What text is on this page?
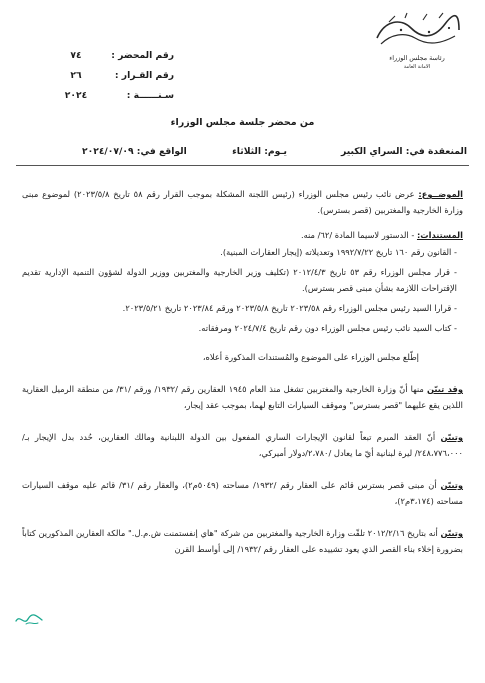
رئاسة مجلس الوزراء
الامانة العامة
رقم المحضر :
٧٤
رقم القـرار :
٢٦
سـنــــــة :
٢٠٢٤
من محضر جلسة مجلس الوزراء
المنعقدة في: السراي الكبير
يـوم: الثلاثاء
الواقع في: ٢٠٢٤/٠٧/٠٩

الموضــوع: عرض نائب رئيس مجلس الوزراء (رئيس اللجنة المشكلة بموجب القرار رقم ٥٨ تاريخ ٢٠٢٣/٥/٨) لموضوع مبنى وزارة الخارجية والمغتربين (قصر بسترس).

المستندات: - الدستور لاسيما المادة /٦٢/ منه.

- القانون رقم ١٦٠ تاريخ ١٩٩٢/٧/٢٢ وتعديلاته (إيجار العقارات المبنية).
- قرار مجلس الوزراء رقم ٥٣ تاريخ ٢٠١٢/٤/٣ (تكليف وزير الخارجية والمغتربين ووزير الدولة لشؤون التنمية الإدارية تقديم الإقتراحات اللازمة بشأن مبنى قصر بسترس).
- قرارا السيد رئيس مجلس الوزراء رقم ٢٠٢٣/٥٨ تاريخ ٢٠٢٣/٥/٨ ورقم ٢٠٢٣/٨٤ تاريخ ٢٠٢٣/٥/٢١.
- كتاب السيد نائب رئيس مجلس الوزراء دون رقم تاريخ ٢٠٢٤/٧/٤ ومرفقاته.

إطّلع مجلس الوزراء على الموضوع والمُستندات المذكورة أعلاه،

وقد تبيّن منها أنّ وزارة الخارجية والمغتربين تشغل منذ العام ١٩٤٥ العقارين رقم /١٩٣٢/ ورقم /٣١/ من منطقة الرميل العقارية اللذين يقع عليهما "قصر بسترس" وموقف السيارات التابع لهما، بموجب عقد إيجار،

وتبيّن أنّ العقد المبرم تبعاً لقانون الإيجارات الساري المفعول بين الدولة اللبنانية ومالك العقارين، حُدد بدل الإيجار بـ/٢٤٨،٧٧٦،٠٠٠/ ليرة لبنانية أيّ ما يعادل /٢،٧٨٠/دولار أميركي،

وتبيّن أن مبنى قصر بسترس قائم على العقار رقم /١٩٣٢/ مساحته (٥٠٤٩م٢)، والعقار رقم /٣١/ قائم عليه موقف السيارات مساحته (٣،١٧٤م٢)،

وتبيّن أنه بتاريخ ٢٠١٢/٢/١٦ تلقّت وزارة الخارجية والمغتربين من شركة "هاي إنفستمنت ش.م.ل." مالكة العقارين المذكورين كتاباً بضرورة إخلاء بناء القصر الذي يعود تشييده على العقار رقم /١٩٣٢/ إلى أواسط القرن
